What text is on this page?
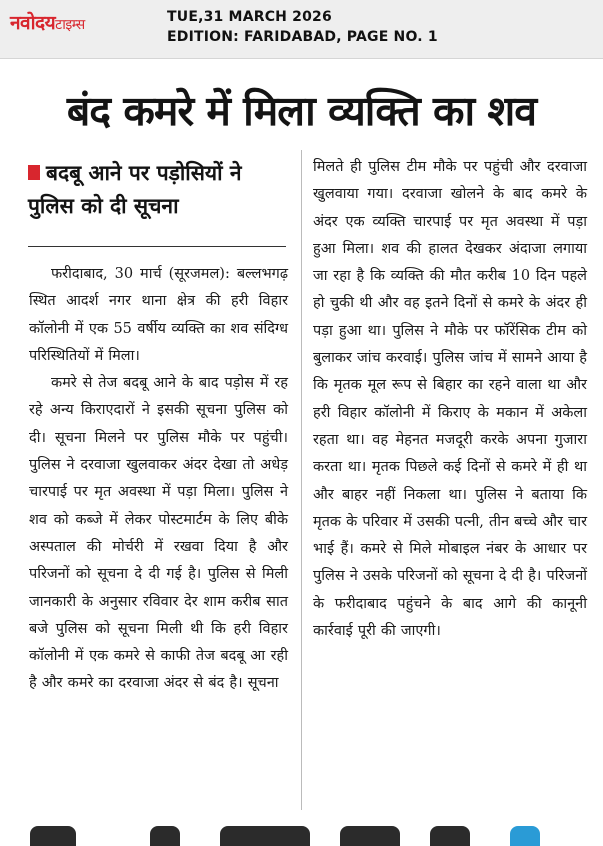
नवोदयटाइम्स	TUE,31 MARCH 2026
EDITION: FARIDABAD, PAGE NO. 1
बंद कमरे में मिला व्यक्ति का शव
बदबू आने पर पड़ोसियों ने पुलिस को दी सूचना

फरीदाबाद, 30 मार्च (सूरजमल): बल्लभगढ़ स्थित आदर्श नगर थाना क्षेत्र की हरी विहार कॉलोनी में एक 55 वर्षीय व्यक्ति का शव संदिग्ध परिस्थितियों में मिला।

कमरे से तेज बदबू आने के बाद पड़ोस में रह रहे अन्य किराएदारों ने इसकी सूचना पुलिस को दी। सूचना मिलने पर पुलिस मौके पर पहुंची। पुलिस ने दरवाजा खुलवाकर अंदर देखा तो अधेड़ चारपाई पर मृत अवस्था में पड़ा मिला। पुलिस ने शव को कब्जे में लेकर पोस्टमार्टम के लिए बीके अस्पताल की मोर्चरी में रखवा दिया है और परिजनों को सूचना दे दी गई है। पुलिस से मिली जानकारी के अनुसार रविवार देर शाम करीब सात बजे पुलिस को सूचना मिली थी कि हरी विहार कॉलोनी में एक कमरे से काफी तेज बदबू आ रही है और कमरे का दरवाजा अंदर से बंद है। सूचना

मिलते ही पुलिस टीम मौके पर पहुंची और दरवाजा खुलवाया गया। दरवाजा खोलने के बाद कमरे के अंदर एक व्यक्ति चारपाई पर मृत अवस्था में पड़ा हुआ मिला। शव की हालत देखकर अंदाजा लगाया जा रहा है कि व्यक्ति की मौत करीब 10 दिन पहले हो चुकी थी और वह इतने दिनों से कमरे के अंदर ही पड़ा हुआ था। पुलिस ने मौके पर फॉरेंसिक टीम को बुलाकर जांच करवाई। पुलिस जांच में सामने आया है कि मृतक मूल रूप से बिहार का रहने वाला था और हरी विहार कॉलोनी में किराए के मकान में अकेला रहता था। वह मेहनत मजदूरी करके अपना गुजारा करता था। मृतक पिछले कई दिनों से कमरे में ही था और बाहर नहीं निकला था। पुलिस ने बताया कि मृतक के परिवार में उसकी पत्नी, तीन बच्चे और चार भाई हैं। कमरे से मिले मोबाइल नंबर के आधार पर पुलिस ने उसके परिजनों को सूचना दे दी है। परिजनों के फरीदाबाद पहुंचने के बाद आगे की कानूनी कार्रवाई पूरी की जाएगी।
